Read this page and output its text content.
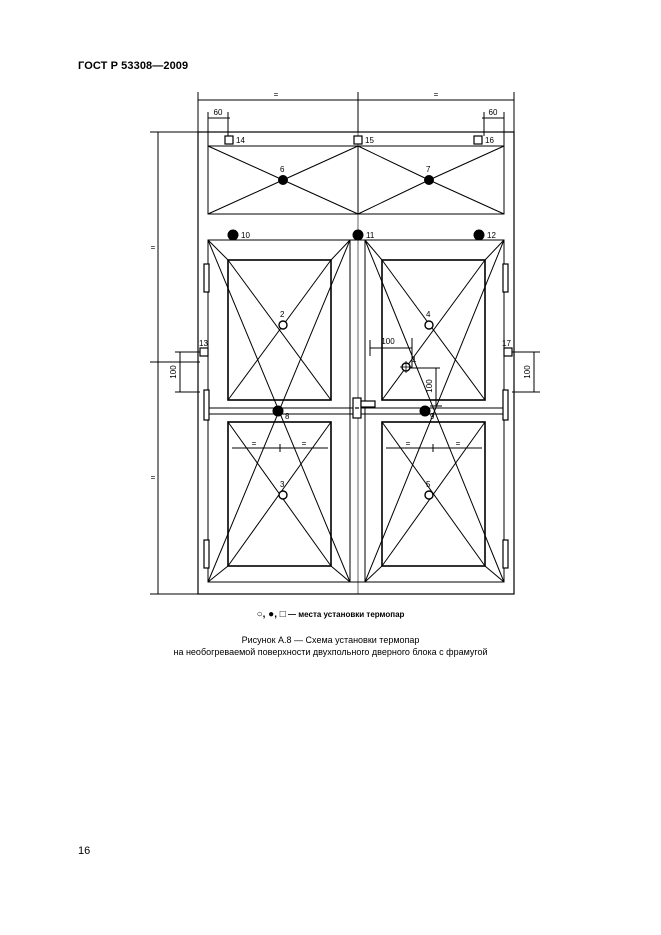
ГОСТ Р 53308—2009
=	=
60	60
=
=
100	100
100
100
=	=	=	=
1
2
3
4
5
6	7
8	9
10	11	12
13
14	15	16
17
○, ●, □ — места установки термопар
Рисунок А.8 — Схема установки термопар
на необогреваемой поверхности двухпольного дверного блока с фрамугой
16
